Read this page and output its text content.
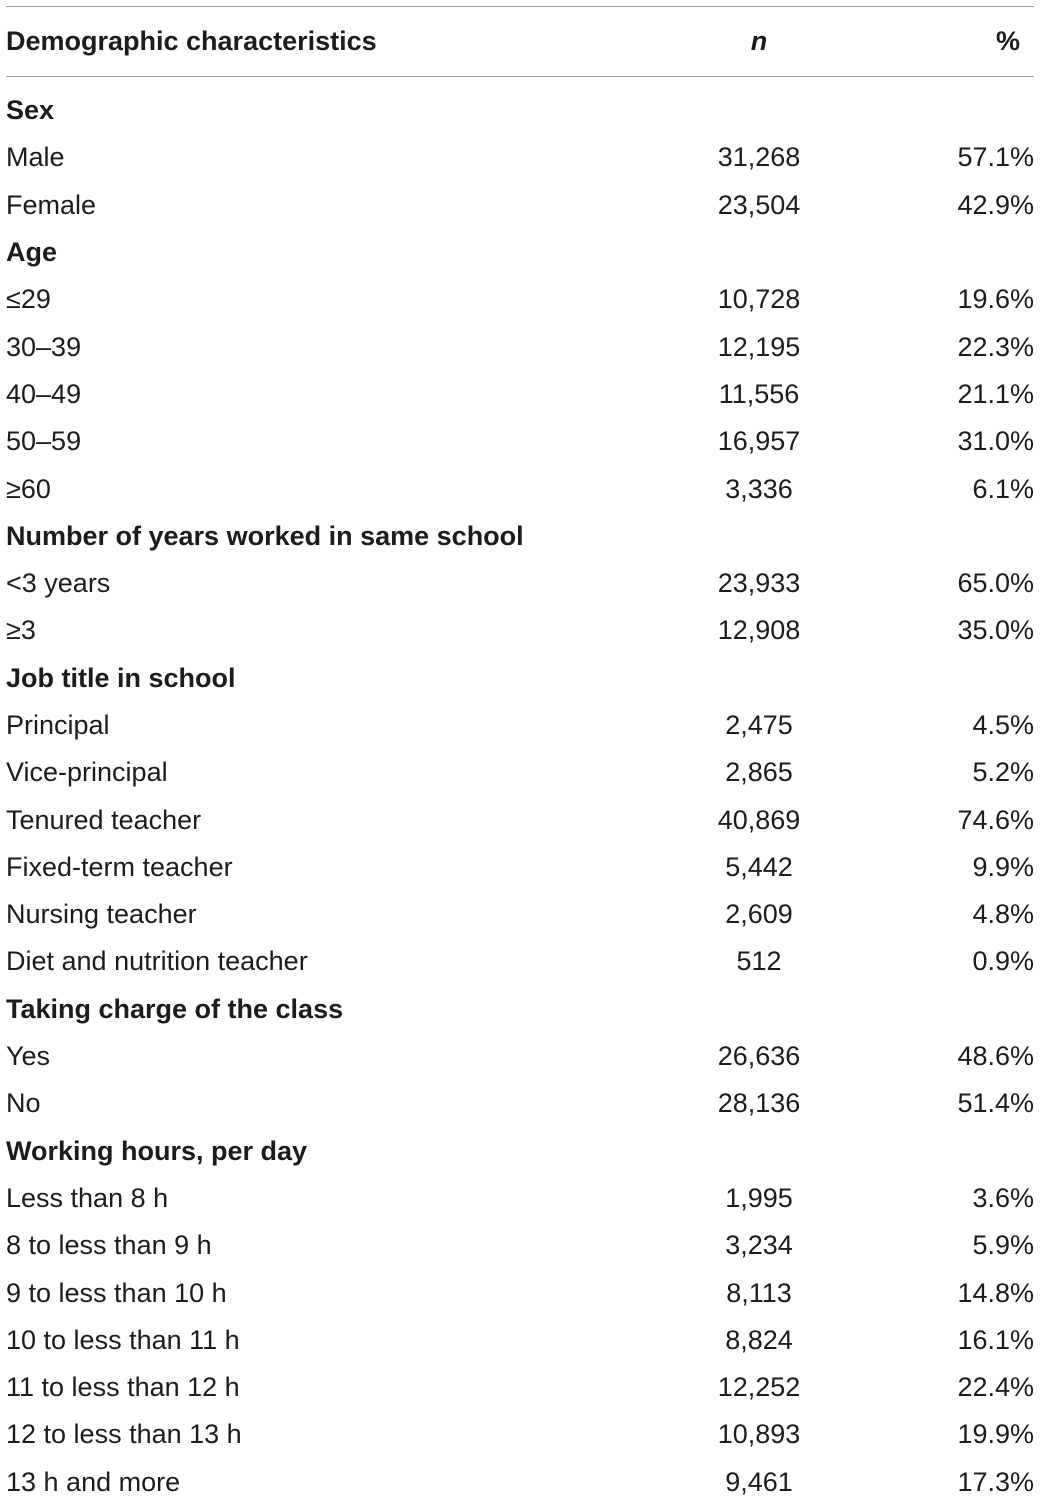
Demographic characteristics	n	%
Sex
Male	31,268	57.1%
Female	23,504	42.9%
Age
≤29	10,728	19.6%
30–39	12,195	22.3%
40–49	11,556	21.1%
50–59	16,957	31.0%
≥60	3,336	6.1%
Number of years worked in same school
<3 years	23,933	65.0%
≥3	12,908	35.0%
Job title in school
Principal	2,475	4.5%
Vice-principal	2,865	5.2%
Tenured teacher	40,869	74.6%
Fixed-term teacher	5,442	9.9%
Nursing teacher	2,609	4.8%
Diet and nutrition teacher	512	0.9%
Taking charge of the class
Yes	26,636	48.6%
No	28,136	51.4%
Working hours, per day
Less than 8 h	1,995	3.6%
8 to less than 9 h	3,234	5.9%
9 to less than 10 h	8,113	14.8%
10 to less than 11 h	8,824	16.1%
11 to less than 12 h	12,252	22.4%
12 to less than 13 h	10,893	19.9%
13 h and more	9,461	17.3%
